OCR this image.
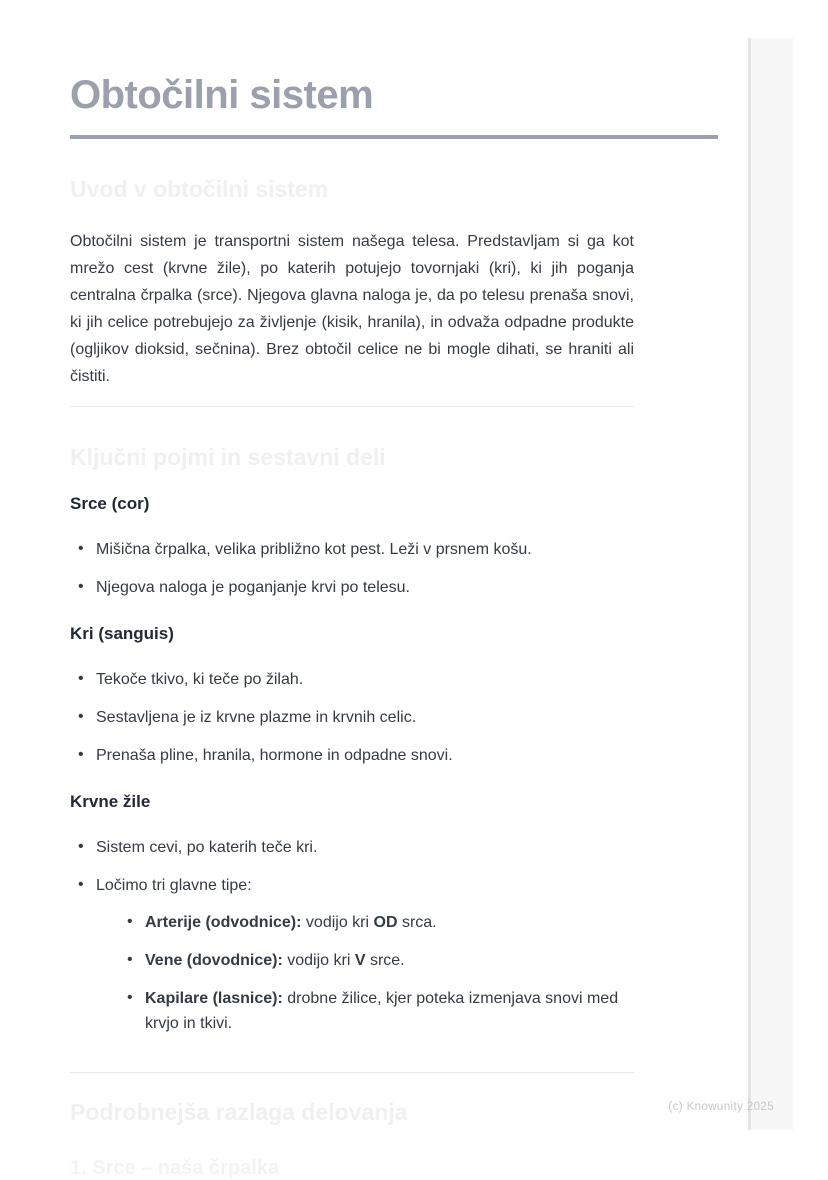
Obtočilni sistem
Uvod v obtočilni sistem

Obtočilni sistem je transportni sistem našega telesa. Predstavljam si ga kot mrežo cest (krvne žile), po katerih potujejo tovornjaki (kri), ki jih poganja centralna črpalka (srce). Njegova glavna naloga je, da po telesu prenaša snovi, ki jih celice potrebujejo za življenje (kisik, hranila), in odvaža odpadne produkte (ogljikov dioksid, sečnina). Brez obtočil celice ne bi mogle dihati, se hraniti ali čistiti.

Ključni pojmi in sestavni deli
Srce (cor)
• Mišična črpalka, velika približno kot pest. Leži v prsnem košu.
• Njegova naloga je poganjanje krvi po telesu.
Kri (sanguis)
• Tekoče tkivo, ki teče po žilah.
• Sestavljena je iz krvne plazme in krvnih celic.
• Prenaša pline, hranila, hormone in odpadne snovi.
Krvne žile
• Sistem cevi, po katerih teče kri.
• Ločimo tri glavne tipe:
• Arterije (odvodnice): vodijo kri OD srca.
• Vene (dovodnice): vodijo kri V srce.
• Kapilare (lasnice): drobne žilice, kjer poteka izmenjava snovi med krvjo in tkivi.
Podrobnejša razlaga delovanja
1. Srce – naša črpalka
(c) Knowunity 2025
